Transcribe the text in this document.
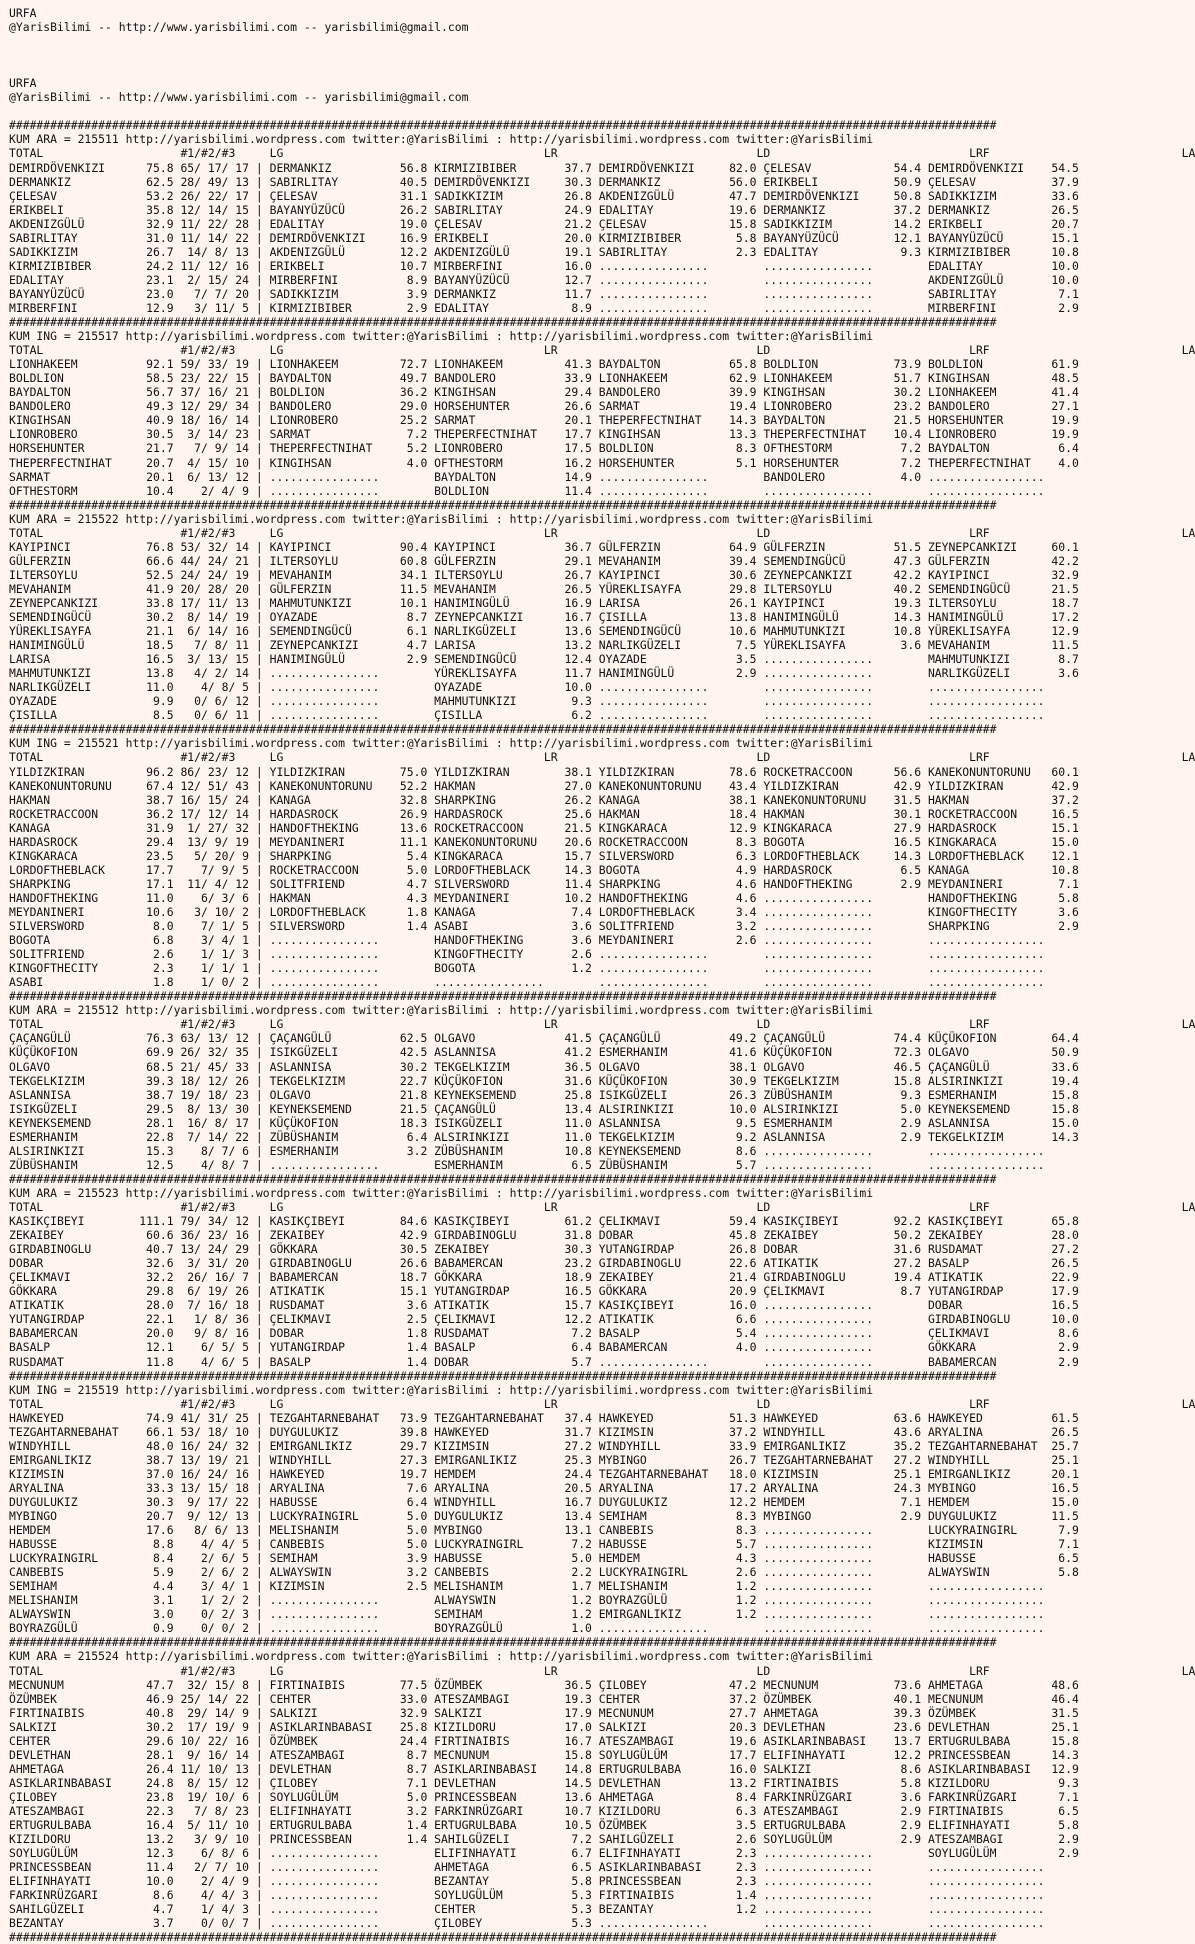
URFA
@YarisBilimi -- http://www.yarisbilimi.com -- yarisbilimi@gmail.com

URFA
@YarisBilimi -- http://www.yarisbilimi.com -- yarisbilimi@gmail.com

################################################################################################################################################
KUM ARA = 215511 http://yarisbilimi.wordpress.com twitter:@YarisBilimi : http://yarisbilimi.wordpress.com twitter:@YarisBilimi
TOTAL                    #1/#2/#3     LG                                      LR                             LD                             LRF                            LA
DEMIRDÖVENKIZI      75.8 65/ 17/ 17 | DERMANKIZ          56.8 KIRMIZIBIBER       37.7 DEMIRDÖVENKIZI     82.0 ÇELESAV            54.4 DEMIRDÖVENKIZI    54.5
DERMANKIZ           62.5 28/ 49/ 13 | SABIRLITAY         40.5 DEMIRDÖVENKIZI     30.3 DERMANKIZ          56.0 ERIKBELI           50.9 ÇELESAV           37.9
ÇELESAV             53.2 26/ 22/ 17 | ÇELESAV            31.1 SADIKKIZIM         26.8 AKDENIZGÜLÜ        47.7 DEMIRDÖVENKIZI     50.8 SADIKKIZIM        33.6
ERIKBELI            35.8 12/ 14/ 15 | BAYANYÜZÜCÜ        26.2 SABIRLITAY         24.9 EDALITAY           19.6 DERMANKIZ          37.2 DERMANKIZ         26.5
AKDENIZGÜLÜ         32.9 11/ 22/ 28 | EDALITAY           19.0 ÇELESAV            21.2 ÇELESAV            15.8 SADIKKIZIM         14.2 ERIKBELI          20.7
SABIRLITAY          31.0 11/ 14/ 22 | DEMIRDÖVENKIZI     16.9 ERIKBELI           20.0 KIRMIZIBIBER        5.8 BAYANYÜZÜCÜ        12.1 BAYANYÜZÜCÜ       15.1
SADIKKIZIM          26.7  14/ 8/ 13 | AKDENIZGÜLÜ        12.2 AKDENIZGÜLÜ        19.1 SABIRLITAY          2.3 EDALITAY            9.3 KIRMIZIBIBER      10.8
KIRMIZIBIBER        24.2 11/ 12/ 16 | ERIKBELI           10.7 MIRBERFINI         16.0 ................        ................        EDALITAY          10.0
EDALITAY            23.1  2/ 15/ 24 | MIRBERFINI          8.9 BAYANYÜZÜCÜ        12.7 ................        ................        AKDENIZGÜLÜ       10.0
BAYANYÜZÜCÜ         23.0   7/ 7/ 20 | SADIKKIZIM          3.9 DERMANKIZ          11.7 ................        ................        SABIRLITAY         7.1
MIRBERFINI          12.9   3/ 11/ 5 | KIRMIZIBIBER        2.9 EDALITAY            8.9 ................        ................        MIRBERFINI         2.9
################################################################################################################################################
KUM ING = 215517 http://yarisbilimi.wordpress.com twitter:@YarisBilimi : http://yarisbilimi.wordpress.com twitter:@YarisBilimi
TOTAL                    #1/#2/#3     LG                                      LR                             LD                             LRF                            LA
LIONHAKEEM          92.1 59/ 33/ 19 | LIONHAKEEM         72.7 LIONHAKEEM         41.3 BAYDALTON          65.8 BOLDLION           73.9 BOLDLION          61.9
BOLDLION            58.5 23/ 22/ 15 | BAYDALTON          49.7 BANDOLERO          33.9 LIONHAKEEM         62.9 LIONHAKEEM         51.7 KINGIHSAN         48.5
BAYDALTON           56.7 37/ 16/ 21 | BOLDLION           36.2 KINGIHSAN          29.4 BANDOLERO          39.9 KINGIHSAN          30.2 LIONHAKEEM        41.4
BANDOLERO           49.3 12/ 29/ 34 | BANDOLERO          29.0 HORSEHUNTER        26.6 SARMAT             19.4 LIONROBERO         23.2 BANDOLERO         27.1
KINGIHSAN           40.9 18/ 16/ 14 | LIONROBERO         25.2 SARMAT             20.1 THEPERFECTNIHAT    14.3 BAYDALTON          21.5 HORSEHUNTER       19.9
LIONROBERO          30.5  3/ 14/ 23 | SARMAT              7.2 THEPERFECTNIHAT    17.7 KINGIHSAN          13.3 THEPERFECTNIHAT    10.4 LIONROBERO        19.9
HORSEHUNTER         21.7   7/ 9/ 14 | THEPERFECTNIHAT     5.2 LIONROBERO         17.5 BOLDLION            8.3 OFTHESTORM          7.2 BAYDALTON          6.4
THEPERFECTNIHAT     20.7  4/ 15/ 10 | KINGIHSAN           4.0 OFTHESTORM         16.2 HORSEHUNTER         5.1 HORSEHUNTER         7.2 THEPERFECTNIHAT    4.0
SARMAT              20.1  6/ 13/ 12 | ................        BAYDALTON          14.9 ................        BANDOLERO           4.0 .................
OFTHESTORM          10.4    2/ 4/ 9 | ................        BOLDLION           11.4 ................        ................        .................
################################################################################################################################################
KUM ARA = 215522 http://yarisbilimi.wordpress.com twitter:@YarisBilimi : http://yarisbilimi.wordpress.com twitter:@YarisBilimi
TOTAL                    #1/#2/#3     LG                                      LR                             LD                             LRF                            LA
KAYIPINCI           76.8 53/ 32/ 14 | KAYIPINCI          90.4 KAYIPINCI          36.7 GÜLFERZIN          64.9 GÜLFERZIN          51.5 ZEYNEPCANKIZI     60.1
GÜLFERZIN           66.6 44/ 24/ 21 | ILTERSOYLU         60.8 GÜLFERZIN          29.1 MEVAHANIM          39.4 SEMENDINGÜCÜ       47.3 GÜLFERZIN         42.2
ILTERSOYLU          52.5 24/ 24/ 19 | MEVAHANIM          34.1 ILTERSOYLU         26.7 KAYIPINCI          30.6 ZEYNEPCANKIZI      42.2 KAYIPINCI         32.9
MEVAHANIM           41.9 20/ 28/ 20 | GÜLFERZIN          11.5 MEVAHANIM          26.5 YÜREKLISAYFA       29.8 ILTERSOYLU         40.2 SEMENDINGÜCÜ      21.5
ZEYNEPCANKIZI       33.8 17/ 11/ 13 | MAHMUTUNKIZI       10.1 HANIMINGÜLÜ        16.9 LARISA             26.1 KAYIPINCI          19.3 ILTERSOYLU        18.7
SEMENDINGÜCÜ        30.2  8/ 14/ 19 | OYAZADE             8.7 ZEYNEPCANKIZI      16.7 ÇISILLA            13.8 HANIMINGÜLÜ        14.3 HANIMINGÜLÜ       17.2
YÜREKLISAYFA        21.1  6/ 14/ 16 | SEMENDINGÜCÜ        6.1 NARLIKGÜZELI       13.6 SEMENDINGÜCÜ       10.6 MAHMUTUNKIZI       10.8 YÜREKLISAYFA      12.9
HANIMINGÜLÜ         18.5   7/ 8/ 11 | ZEYNEPCANKIZI       4.7 LARISA             13.2 NARLIKGÜZELI        7.5 YÜREKLISAYFA        3.6 MEVAHANIM         11.5
LARISA              16.5  3/ 13/ 15 | HANIMINGÜLÜ         2.9 SEMENDINGÜCÜ       12.4 OYAZADE             3.5 ................        MAHMUTUNKIZI       8.7
MAHMUTUNKIZI        13.8   4/ 2/ 14 | ................        YÜREKLISAYFA       11.7 HANIMINGÜLÜ         2.9 ................        NARLIKGÜZELI       3.6
NARLIKGÜZELI        11.0    4/ 8/ 5 | ................        OYAZADE            10.0 ................        ................        .................
OYAZADE              9.9   0/ 6/ 12 | ................        MAHMUTUNKIZI        9.3 ................        ................        .................
ÇISILLA              8.5   0/ 6/ 11 | ................        ÇISILLA             6.2 ................        ................        .................
################################################################################################################################################
KUM ING = 215521 http://yarisbilimi.wordpress.com twitter:@YarisBilimi : http://yarisbilimi.wordpress.com twitter:@YarisBilimi
TOTAL                    #1/#2/#3     LG                                      LR                             LD                             LRF                            LA
YILDIZKIRAN         96.2 86/ 23/ 12 | YILDIZKIRAN        75.0 YILDIZKIRAN        38.1 YILDIZKIRAN        78.6 ROCKETRACCOON      56.6 KANEKONUNTORUNU   60.1
KANEKONUNTORUNU     67.4 12/ 51/ 43 | KANEKONUNTORUNU    52.2 HAKMAN             27.0 KANEKONUNTORUNU    43.4 YILDIZKIRAN        42.9 YILDIZKIRAN       42.9
HAKMAN              38.7 16/ 15/ 24 | KANAGA             32.8 SHARPKING          26.2 KANAGA             38.1 KANEKONUNTORUNU    31.5 HAKMAN            37.2
ROCKETRACCOON       36.2 17/ 12/ 14 | HARDASROCK         26.9 HARDASROCK         25.6 HAKMAN             18.4 HAKMAN             30.1 ROCKETRACCOON     16.5
KANAGA              31.9  1/ 27/ 32 | HANDOFTHEKING      13.6 ROCKETRACCOON      21.5 KINGKARACA         12.9 KINGKARACA         27.9 HARDASROCK        15.1
HARDASROCK          29.4  13/ 9/ 19 | MEYDANINERI        11.1 KANEKONUNTORUNU    20.6 ROCKETRACCOON       8.3 BOGOTA             16.5 KINGKARACA        15.0
KINGKARACA          23.5   5/ 20/ 9 | SHARPKING           5.4 KINGKARACA         15.7 SILVERSWORD         6.3 LORDOFTHEBLACK     14.3 LORDOFTHEBLACK    12.1
LORDOFTHEBLACK      17.7    7/ 9/ 5 | ROCKETRACCOON       5.0 LORDOFTHEBLACK     14.3 BOGOTA              4.9 HARDASROCK          6.5 KANAGA            10.8
SHARPKING           17.1  11/ 4/ 12 | SOLITFRIEND         4.7 SILVERSWORD        11.4 SHARPKING           4.6 HANDOFTHEKING       2.9 MEYDANINERI        7.1
HANDOFTHEKING       11.0    6/ 3/ 6 | HAKMAN              4.3 MEYDANINERI        10.2 HANDOFTHEKING       4.6 ................        HANDOFTHEKING      5.8
MEYDANINERI         10.6   3/ 10/ 2 | LORDOFTHEBLACK      1.8 KANAGA              7.4 LORDOFTHEBLACK      3.4 ................        KINGOFTHECITY      3.6
SILVERSWORD          8.0    7/ 1/ 5 | SILVERSWORD         1.4 ASABI               3.6 SOLITFRIEND         3.2 ................        SHARPKING          2.9
BOGOTA               6.8    3/ 4/ 1 | ................        HANDOFTHEKING       3.6 MEYDANINERI         2.6 ................        .................
SOLITFRIEND          2.6    1/ 1/ 3 | ................        KINGOFTHECITY       2.6 ................        ................        .................
KINGOFTHECITY        2.3    1/ 1/ 1 | ................        BOGOTA              1.2 ................        ................        .................
ASABI                1.8    1/ 0/ 2 | ................        ................        ................        ................        .................
################################################################################################################################################
KUM ARA = 215512 http://yarisbilimi.wordpress.com twitter:@YarisBilimi : http://yarisbilimi.wordpress.com twitter:@YarisBilimi
TOTAL                    #1/#2/#3     LG                                      LR                             LD                             LRF                            LA
ÇAÇANGÜLÜ           76.3 63/ 13/ 12 | ÇAÇANGÜLÜ          62.5 OLGAVO             41.5 ÇAÇANGÜLÜ          49.2 ÇAÇANGÜLÜ          74.4 KÜÇÜKOFION        64.4
KÜÇÜKOFION          69.9 26/ 32/ 35 | ISIKGÜZELI         42.5 ASLANNISA          41.2 ESMERHANIM         41.6 KÜÇÜKOFION         72.3 OLGAVO            50.9
OLGAVO              68.5 21/ 45/ 33 | ASLANNISA          30.2 TEKGELKIZIM        36.5 OLGAVO             38.1 OLGAVO             46.5 ÇAÇANGÜLÜ         33.6
TEKGELKIZIM         39.3 18/ 12/ 26 | TEKGELKIZIM        22.7 KÜÇÜKOFION         31.6 KÜÇÜKOFION         30.9 TEKGELKIZIM        15.8 ALSIRINKIZI       19.4
ASLANNISA           38.7 19/ 18/ 23 | OLGAVO             21.8 KEYNEKSEMEND       25.8 ISIKGÜZELI         26.3 ZÜBÜSHANIM          9.3 ESMERHANIM        15.8
ISIKGÜZELI          29.5  8/ 13/ 30 | KEYNEKSEMEND       21.5 ÇAÇANGÜLÜ          13.4 ALSIRINKIZI        10.0 ALSIRINKIZI         5.0 KEYNEKSEMEND      15.8
KEYNEKSEMEND        28.1  16/ 8/ 17 | KÜÇÜKOFION         18.3 ISIKGÜZELI         11.0 ASLANNISA           9.5 ESMERHANIM          2.9 ASLANNISA         15.0
ESMERHANIM          22.8  7/ 14/ 22 | ZÜBÜSHANIM          6.4 ALSIRINKIZI        11.0 TEKGELKIZIM         9.2 ASLANNISA           2.9 TEKGELKIZIM       14.3
ALSIRINKIZI         15.3    8/ 7/ 6 | ESMERHANIM          3.2 ZÜBÜSHANIM         10.8 KEYNEKSEMEND        8.6 ................        .................
ZÜBÜSHANIM          12.5    4/ 8/ 7 | ................        ESMERHANIM          6.5 ZÜBÜSHANIM          5.7 ................        .................
################################################################################################################################################
KUM ARA = 215523 http://yarisbilimi.wordpress.com twitter:@YarisBilimi : http://yarisbilimi.wordpress.com twitter:@YarisBilimi
TOTAL                    #1/#2/#3     LG                                      LR                             LD                             LRF                            LA
KASIKÇIBEYI        111.1 79/ 34/ 12 | KASIKÇIBEYI        84.6 KASIKÇIBEYI        61.2 ÇELIKMAVI          59.4 KASIKÇIBEYI        92.2 KASIKÇIBEYI       65.8
ZEKAIBEY            60.6 36/ 23/ 16 | ZEKAIBEY           42.9 GIRDABINOGLU       31.8 DOBAR              45.8 ZEKAIBEY           50.2 ZEKAIBEY          28.0
GIRDABINOGLU        40.7 13/ 24/ 29 | GÖKKARA            30.5 ZEKAIBEY           30.3 YUTANGIRDAP        26.8 DOBAR              31.6 RUSDAMAT          27.2
DOBAR               32.6  3/ 31/ 20 | GIRDABINOGLU       26.6 BABAMERCAN         23.2 GIRDABINOGLU       22.6 ATIKATIK           27.2 BASALP            26.5
ÇELIKMAVI           32.2  26/ 16/ 7 | BABAMERCAN         18.7 GÖKKARA            18.9 ZEKAIBEY           21.4 GIRDABINOGLU       19.4 ATIKATIK          22.9
GÖKKARA             29.8  6/ 19/ 26 | ATIKATIK           15.1 YUTANGIRDAP        16.5 GÖKKARA            20.9 ÇELIKMAVI           8.7 YUTANGIRDAP       17.9
ATIKATIK            28.0  7/ 16/ 18 | RUSDAMAT            3.6 ATIKATIK           15.7 KASIKÇIBEYI        16.0 ................        DOBAR             16.5
YUTANGIRDAP         22.1   1/ 8/ 36 | ÇELIKMAVI           2.5 ÇELIKMAVI          12.2 ATIKATIK            6.6 ................        GIRDABINOGLU      10.0
BABAMERCAN          20.0   9/ 8/ 16 | DOBAR               1.8 RUSDAMAT            7.2 BASALP              5.4 ................        ÇELIKMAVI          8.6
BASALP              12.1    6/ 5/ 5 | YUTANGIRDAP         1.4 BASALP              6.4 BABAMERCAN          4.0 ................        GÖKKARA            2.9
RUSDAMAT            11.8    4/ 6/ 5 | BASALP              1.4 DOBAR               5.7 ................        ................        BABAMERCAN         2.9
################################################################################################################################################
KUM ING = 215519 http://yarisbilimi.wordpress.com twitter:@YarisBilimi : http://yarisbilimi.wordpress.com twitter:@YarisBilimi
TOTAL                    #1/#2/#3     LG                                      LR                             LD                             LRF                            LA
HAWKEYED            74.9 41/ 31/ 25 | TEZGAHTARNEBAHAT   73.9 TEZGAHTARNEBAHAT   37.4 HAWKEYED           51.3 HAWKEYED           63.6 HAWKEYED          61.5
TEZGAHTARNEBAHAT    66.1 53/ 18/ 10 | DUYGULUKIZ         39.8 HAWKEYED           31.7 KIZIMSIN           37.2 WINDYHILL          43.6 ARYALINA          26.5
WINDYHILL           48.0 16/ 24/ 32 | EMIRGANLIKIZ       29.7 KIZIMSIN           27.2 WINDYHILL          33.9 EMIRGANLIKIZ       35.2 TEZGAHTARNEBAHAT  25.7
EMIRGANLIKIZ        38.7 13/ 19/ 21 | WINDYHILL          27.3 EMIRGANLIKIZ       25.3 MYBINGO            26.7 TEZGAHTARNEBAHAT   27.2 WINDYHILL         25.1
KIZIMSIN            37.0 16/ 24/ 16 | HAWKEYED           19.7 HEMDEM             24.4 TEZGAHTARNEBAHAT   18.0 KIZIMSIN           25.1 EMIRGANLIKIZ      20.1
ARYALINA            33.3 13/ 15/ 18 | ARYALINA            7.6 ARYALINA           20.5 ARYALINA           17.2 ARYALINA           24.3 MYBINGO           16.5
DUYGULUKIZ          30.3  9/ 17/ 22 | HABUSSE             6.4 WINDYHILL          16.7 DUYGULUKIZ         12.2 HEMDEM              7.1 HEMDEM            15.0
MYBINGO             20.7  9/ 12/ 13 | LUCKYRAINGIRL       5.0 DUYGULUKIZ         13.4 SEMIHAM             8.3 MYBINGO             2.9 DUYGULUKIZ        11.5
HEMDEM              17.6   8/ 6/ 13 | MELISHANIM          5.0 MYBINGO            13.1 CANBEBIS            8.3 ................        LUCKYRAINGIRL      7.9
HABUSSE              8.8    4/ 4/ 5 | CANBEBIS            5.0 LUCKYRAINGIRL       7.2 HABUSSE             5.7 ................        KIZIMSIN           7.1
LUCKYRAINGIRL        8.4    2/ 6/ 5 | SEMIHAM             3.9 HABUSSE             5.0 HEMDEM              4.3 ................        HABUSSE            6.5
CANBEBIS             5.9    2/ 6/ 2 | ALWAYSWIN           3.2 CANBEBIS            2.2 LUCKYRAINGIRL       2.6 ................        ALWAYSWIN          5.8
SEMIHAM              4.4    3/ 4/ 1 | KIZIMSIN            2.5 MELISHANIM          1.7 MELISHANIM          1.2 ................        .................
MELISHANIM           3.1    1/ 2/ 2 | ................        ALWAYSWIN           1.2 BOYRAZGÜLÜ          1.2 ................        .................
ALWAYSWIN            3.0    0/ 2/ 3 | ................        SEMIHAM             1.2 EMIRGANLIKIZ        1.2 ................        .................
BOYRAZGÜLÜ           0.9    0/ 0/ 2 | ................        BOYRAZGÜLÜ          1.0 ................        ................        .................
################################################################################################################################################
KUM ARA = 215524 http://yarisbilimi.wordpress.com twitter:@YarisBilimi : http://yarisbilimi.wordpress.com twitter:@YarisBilimi
TOTAL                    #1/#2/#3     LG                                      LR                             LD                             LRF                            LA
MECNUNUM            47.7  32/ 15/ 8 | FIRTINAIBIS        77.5 ÖZÜMBEK            36.5 ÇILOBEY            47.2 MECNUNUM           73.6 AHMETAGA          48.6
ÖZÜMBEK             46.9 25/ 14/ 22 | CEHTER             33.0 ATESZAMBAGI        19.3 CEHTER             37.2 ÖZÜMBEK            40.1 MECNUNUM          46.4
FIRTINAIBIS         40.8  29/ 14/ 9 | SALKIZI            32.9 SALKIZI            17.9 MECNUNUM           27.7 AHMETAGA           39.3 ÖZÜMBEK           31.5
SALKIZI             30.2  17/ 19/ 9 | ASIKLARINBABASI    25.8 KIZILDORU          17.0 SALKIZI            20.3 DEVLETHAN          23.6 DEVLETHAN         25.1
CEHTER              29.6 10/ 22/ 16 | ÖZÜMBEK            24.4 FIRTINAIBIS        16.7 ATESZAMBAGI        19.6 ASIKLARINBABASI    13.7 ERTUGRULBABA      15.8
DEVLETHAN           28.1  9/ 16/ 14 | ATESZAMBAGI         8.7 MECNUNUM           15.8 SOYLUGÜLÜM         17.7 ELIFINHAYATI       12.2 PRINCESSBEAN      14.3
AHMETAGA            26.4 11/ 10/ 13 | DEVLETHAN           8.7 ASIKLARINBABASI    14.8 ERTUGRULBABA       16.0 SALKIZI             8.6 ASIKLARINBABASI   12.9
ASIKLARINBABASI     24.8  8/ 15/ 12 | ÇILOBEY             7.1 DEVLETHAN          14.5 DEVLETHAN          13.2 FIRTINAIBIS         5.8 KIZILDORU          9.3
ÇILOBEY             23.8  19/ 10/ 6 | SOYLUGÜLÜM          5.0 PRINCESSBEAN       13.6 AHMETAGA            8.4 FARKINRÜZGARI       3.6 FARKINRÜZGARI      7.1
ATESZAMBAGI         22.3   7/ 8/ 23 | ELIFINHAYATI        3.2 FARKINRÜZGARI      10.7 KIZILDORU           6.3 ATESZAMBAGI         2.9 FIRTINAIBIS        6.5
ERTUGRULBABA        16.4  5/ 11/ 10 | ERTUGRULBABA        1.4 ERTUGRULBABA       10.5 ÖZÜMBEK             3.5 ERTUGRULBABA        2.9 ELIFINHAYATI       5.8
KIZILDORU           13.2   3/ 9/ 10 | PRINCESSBEAN        1.4 SAHILGÜZELI         7.2 SAHILGÜZELI         2.6 SOYLUGÜLÜM          2.9 ATESZAMBAGI        2.9
SOYLUGÜLÜM          12.3    6/ 8/ 6 | ................        ELIFINHAYATI        6.7 ELIFINHAYATI        2.3 ................        SOYLUGÜLÜM         2.9
PRINCESSBEAN        11.4   2/ 7/ 10 | ................        AHMETAGA            6.5 ASIKLARINBABASI     2.3 ................        .................
ELIFINHAYATI        10.0    2/ 4/ 9 | ................        BEZANTAY            5.8 PRINCESSBEAN        2.3 ................        .................
FARKINRÜZGARI        8.6    4/ 4/ 3 | ................        SOYLUGÜLÜM          5.3 FIRTINAIBIS         1.4 ................        .................
SAHILGÜZELI          4.7    1/ 4/ 3 | ................        CEHTER              5.3 BEZANTAY            1.2 ................        .................
BEZANTAY             3.7    0/ 0/ 7 | ................        ÇILOBEY             5.3 ................        ................        .................
################################################################################################################################################
